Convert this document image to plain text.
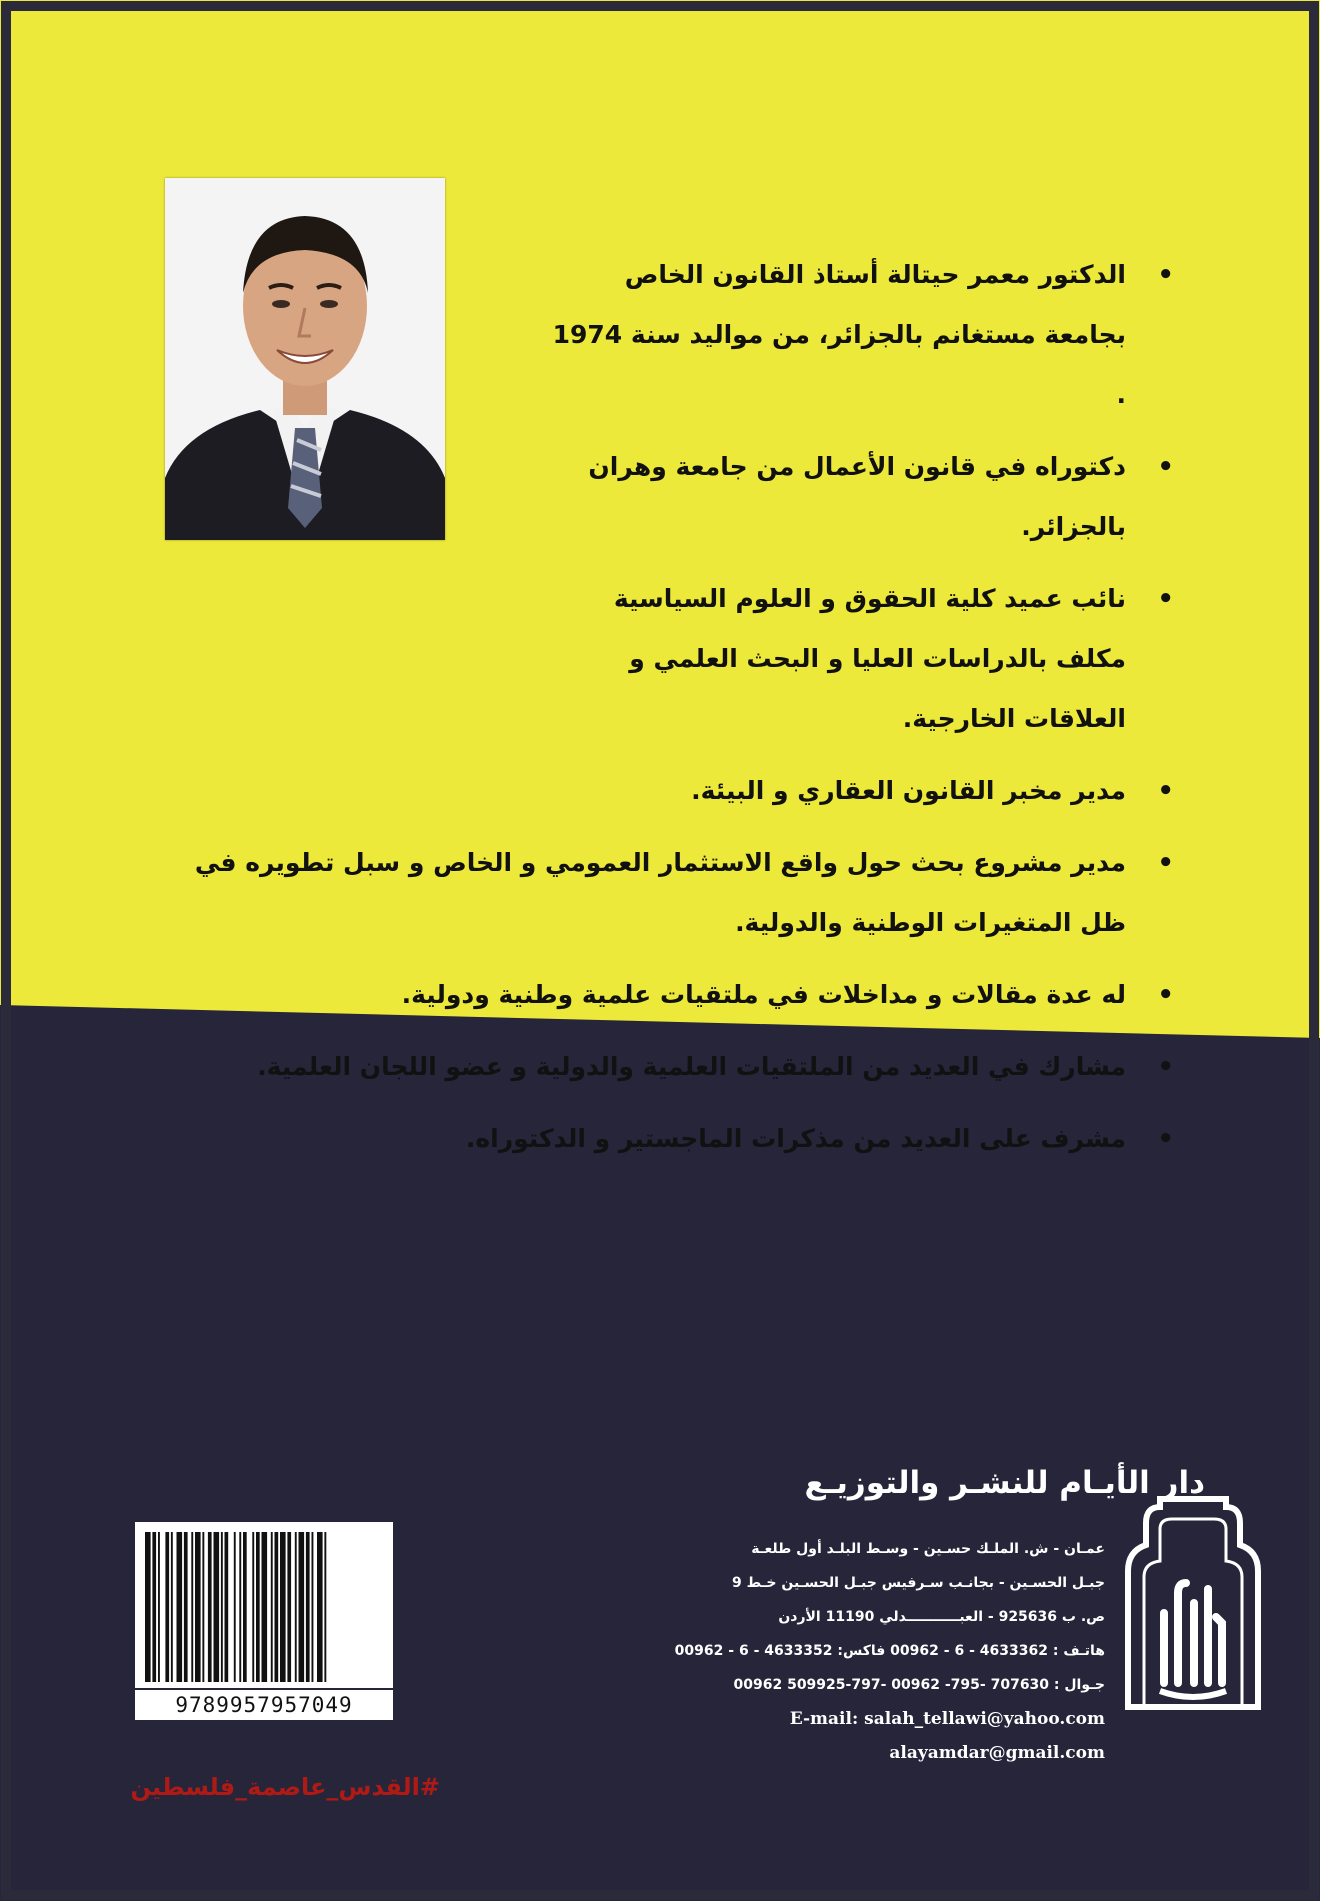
• الدكتور معمر حيتالة أستاذ القانون الخاص بجامعة مستغانم بالجزائر، من مواليد سنة 1974 .
• دكتوراه في قانون الأعمال من جامعة وهران بالجزائر.
• نائب عميد كلية الحقوق و العلوم السياسية مكلف بالدراسات العليا و البحث العلمي و العلاقات الخارجية.
• مدير مخبر القانون العقاري و البيئة.
• مدير مشروع بحث حول واقع الاستثمار العمومي و الخاص و سبل تطويره في ظل المتغيرات الوطنية والدولية.
• له عدة مقالات و مداخلات في ملتقيات علمية وطنية ودولية.
• مشارك في العديد من الملتقيات العلمية والدولية و عضو اللجان العلمية.
• مشرف على العديد من مذكرات الماجستير و الدكتوراه.
دار الأيـام للنشـر والتوزيـع
عمـان - ش. الملـك حسـين - وسـط البلـد أول طلعـة
جبـل الحسـين - بجانـب سـرفيس جبـل الحسـين خـط 9
ص. ب 925636 - العبـــــــــــدلي 11190 الأردن
هاتـف : 4633362 - 6 - 00962 فاكس: 4633352 - 6 - 00962
جـوال : 707630 -795- 00962 -797-509925 00962
E-mail: salah_tellawi@yahoo.com
alayamdar@gmail.com
9789957957049
#القدس_عاصمة_فلسطين
